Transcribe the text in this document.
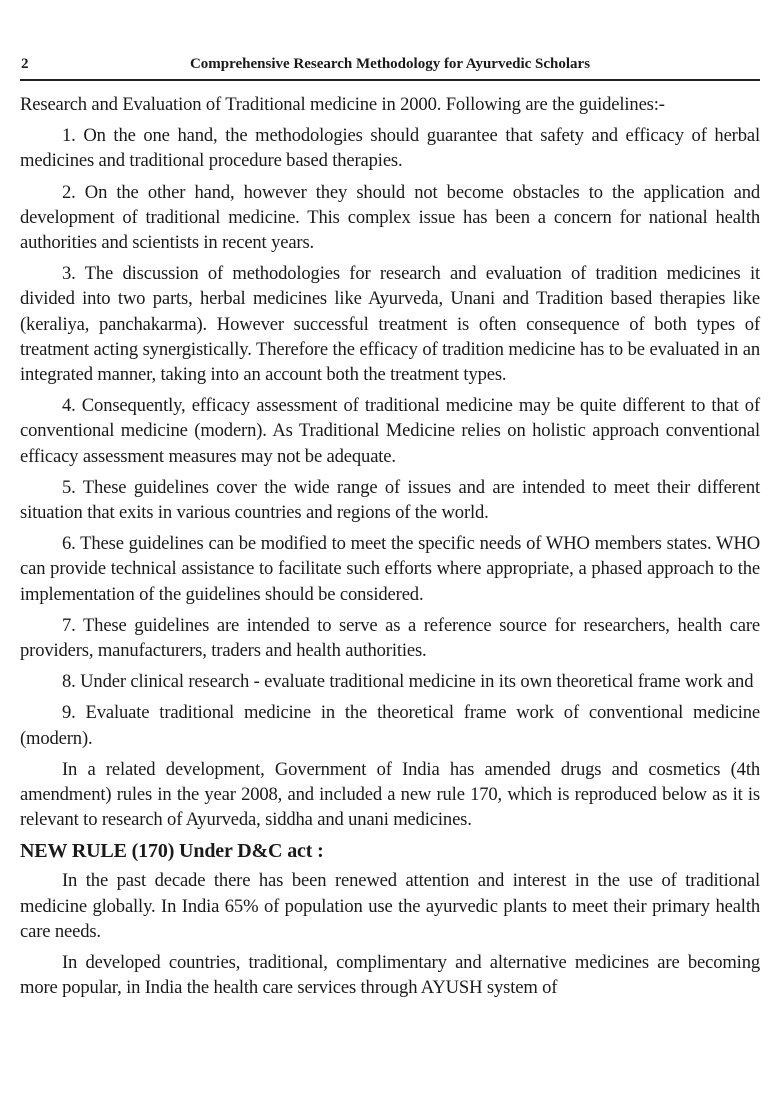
2	Comprehensive Research Methodology for Ayurvedic Scholars

Research and Evaluation of Traditional medicine in 2000. Following are the guidelines:-

1. On the one hand, the methodologies should guarantee that safety and efficacy of herbal medicines and traditional procedure based therapies.

2. On the other hand, however they should not become obstacles to the application and development of traditional medicine. This complex issue has been a concern for national health authorities and scientists in recent years.

3. The discussion of methodologies for research and evaluation of tradition medicines it divided into two parts, herbal medicines like Ayurveda, Unani and Tradition based therapies like (keraliya, panchakarma). However successful treatment is often consequence of both types of treatment acting synergistically. Therefore the efficacy of tradition medicine has to be evaluated in an integrated manner, taking into an account both the treatment types.

4. Consequently, efficacy assessment of traditional medicine may be quite different to that of conventional medicine (modern). As Traditional Medicine relies on holistic approach conventional efficacy assessment measures may not be adequate.

5. These guidelines cover the wide range of issues and are intended to meet their different situation that exits in various countries and regions of the world.

6. These guidelines can be modified to meet the specific needs of WHO members states. WHO can provide technical assistance to facilitate such efforts where appropriate, a phased approach to the implementation of the guidelines should be considered.

7. These guidelines are intended to serve as a reference source for researchers, health care providers, manufacturers, traders and health authorities.

8. Under clinical research - evaluate traditional medicine in its own theoretical frame work and

9. Evaluate traditional medicine in the theoretical frame work of conventional medicine (modern).

In a related development, Government of India has amended drugs and cosmetics (4th amendment) rules in the year 2008, and included a new rule 170, which is reproduced below as it is relevant to research of Ayurveda, siddha and unani medicines.

NEW RULE (170) Under D&C act :

In the past decade there has been renewed attention and interest in the use of traditional medicine globally. In India 65% of population use the ayurvedic plants to meet their primary health care needs.

In developed countries, traditional, complimentary and alternative medicines are becoming more popular, in India the health care services through AYUSH system of
